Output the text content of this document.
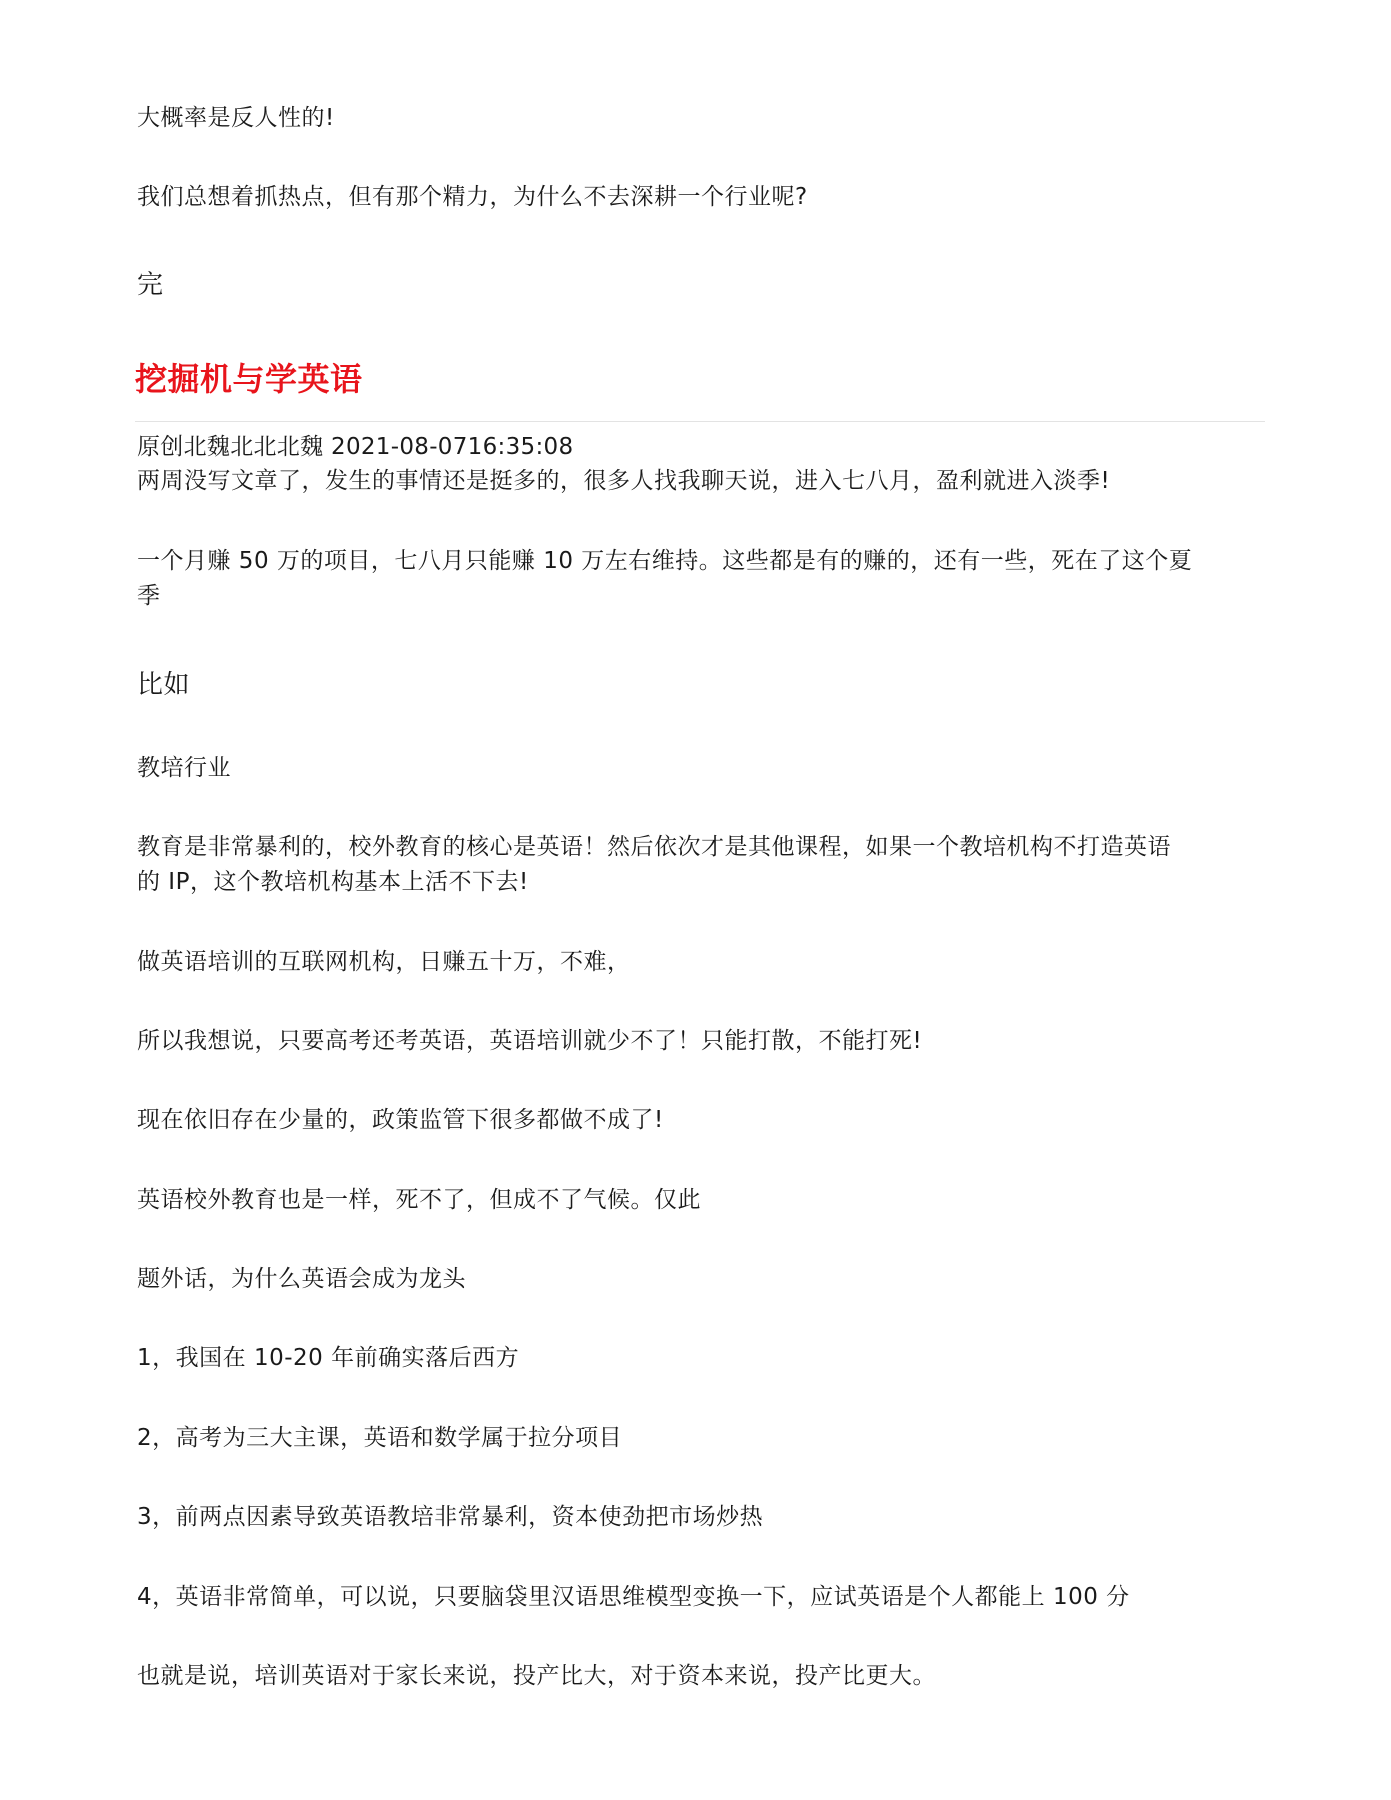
大概率是反人性的!
我们总想着抓热点，但有那个精力，为什么不去深耕一个行业呢?
完
挖掘机与学英语
原创北魏北北北魏 2021-08-0716:35:08
两周没写文章了，发生的事情还是挺多的，很多人找我聊天说，进入七八月，盈利就进入淡季!
一个月赚 50 万的项目，七八月只能赚 10 万左右维持。这些都是有的赚的，还有一些，死在了这个夏
季
比如
教培行业
教育是非常暴利的，校外教育的核心是英语！然后依次才是其他课程，如果一个教培机构不打造英语
的 IP，这个教培机构基本上活不下去!
做英语培训的互联网机构，日赚五十万，不难，
所以我想说，只要高考还考英语，英语培训就少不了！只能打散，不能打死!
现在依旧存在少量的，政策监管下很多都做不成了!
英语校外教育也是一样，死不了，但成不了气候。仅此
题外话，为什么英语会成为龙头
1，我国在 10-20 年前确实落后西方
2，高考为三大主课，英语和数学属于拉分项目
3，前两点因素导致英语教培非常暴利，资本使劲把市场炒热
4，英语非常简单，可以说，只要脑袋里汉语思维模型变换一下，应试英语是个人都能上 100 分
也就是说，培训英语对于家长来说，投产比大，对于资本来说，投产比更大。
